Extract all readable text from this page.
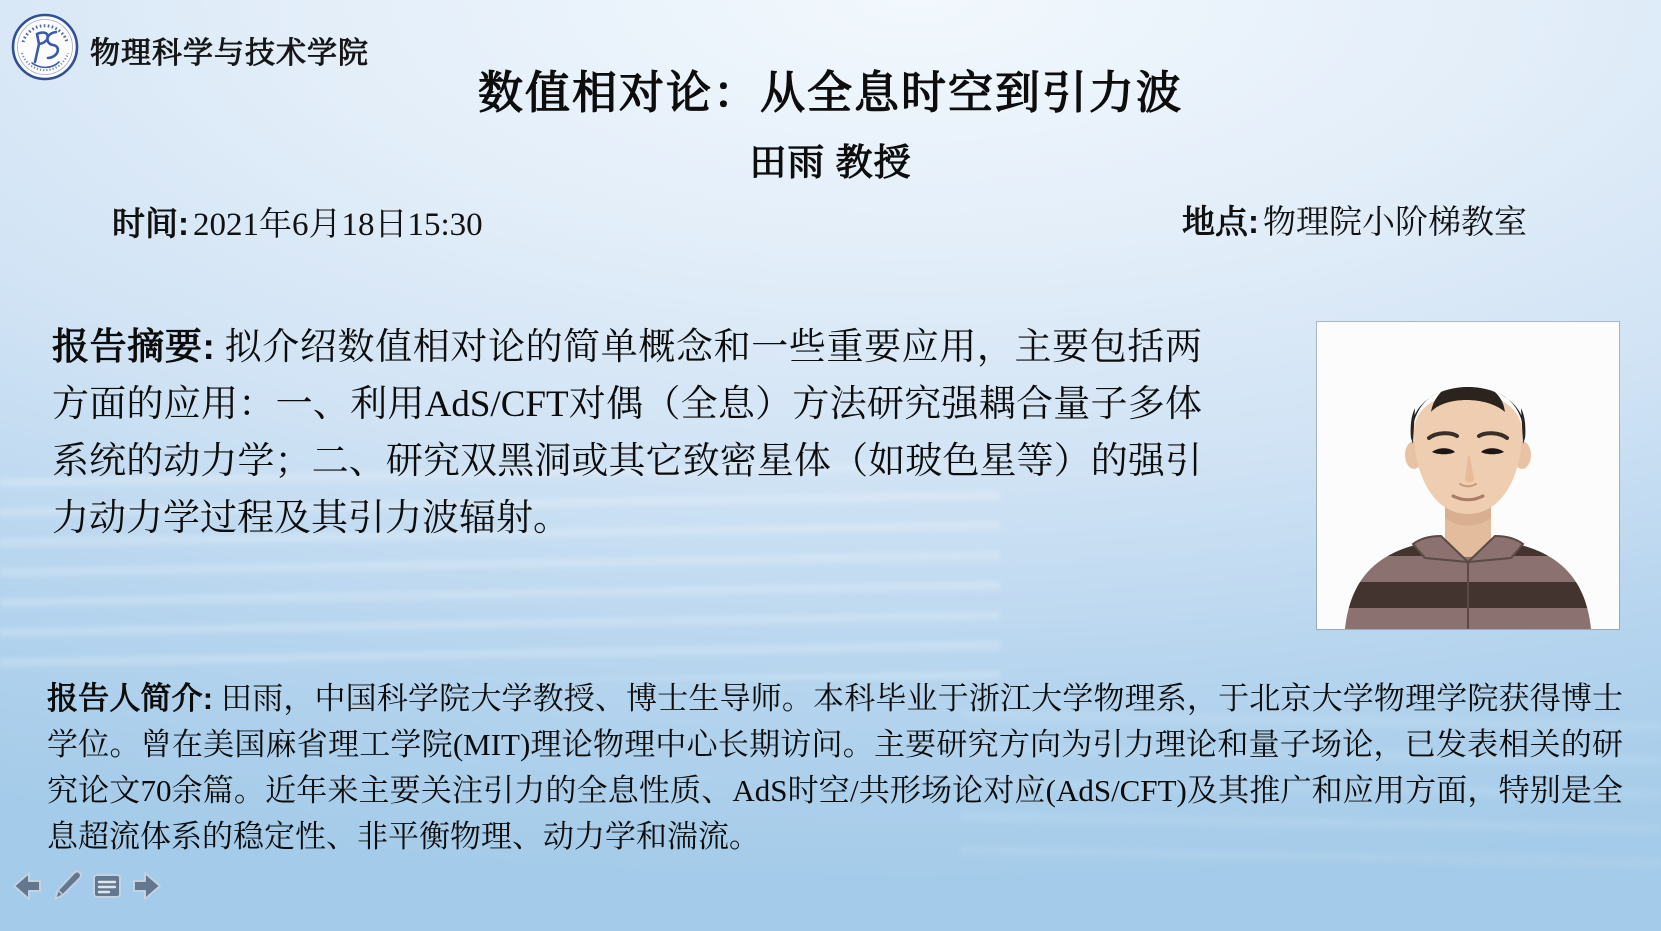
物理科学与技术学院
数值相对论：从全息时空到引力波
田雨 教授
时间: 2021年6月18日15:30	地点: 物理院小阶梯教室
报告摘要: 拟介绍数值相对论的简单概念和一些重要应用，主要包括两方面的应用：一、利用AdS/CFT对偶（全息）方法研究强耦合量子多体系统的动力学；二、研究双黑洞或其它致密星体（如玻色星等）的强引力动力学过程及其引力波辐射。
报告人简介: 田雨，中国科学院大学教授、博士生导师。本科毕业于浙江大学物理系，于北京大学物理学院获得博士学位。曾在美国麻省理工学院(MIT)理论物理中心长期访问。主要研究方向为引力理论和量子场论，已发表相关的研究论文70余篇。近年来主要关注引力的全息性质、AdS时空/共形场论对应(AdS/CFT)及其推广和应用方面，特别是全息超流体系的稳定性、非平衡物理、动力学和湍流。
